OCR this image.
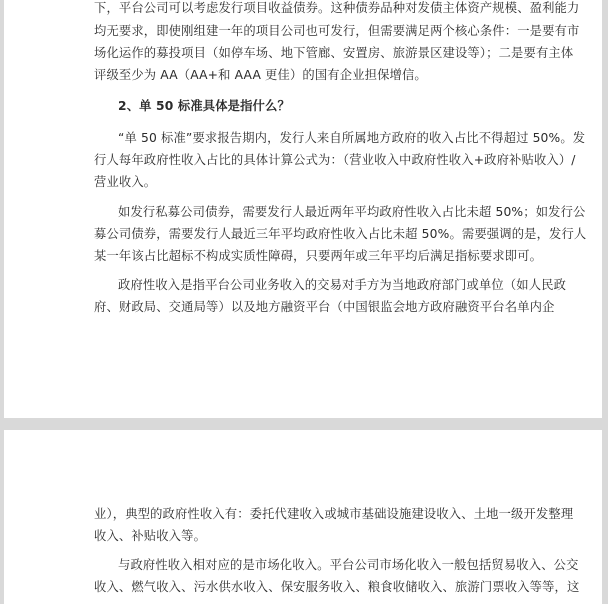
下，平台公司可以考虑发行项目收益债券。这种债券品种对发债主体资产规模、盈利能力
均无要求，即使刚组建一年的项目公司也可发行，但需要满足两个核心条件：一是要有市
场化运作的募投项目（如停车场、地下管廊、安置房、旅游景区建设等）；二是要有主体
评级至少为 AA（AA+和 AAA 更佳）的国有企业担保增信。
2、单 50 标准具体是指什么？
“单 50 标准”要求报告期内，发行人来自所属地方政府的收入占比不得超过 50%。发
行人每年政府性收入占比的具体计算公式为：（营业收入中政府性收入+政府补贴收入）/
营业收入。
如发行私募公司债券，需要发行人最近两年平均政府性收入占比未超 50%；如发行公
募公司债券，需要发行人最近三年平均政府性收入占比未超 50%。需要强调的是，发行人
某一年该占比超标不构成实质性障碍，只要两年或三年平均后满足指标要求即可。
政府性收入是指平台公司业务收入的交易对手方为当地政府部门或单位（如人民政
府、财政局、交通局等）以及地方融资平台（中国银监会地方政府融资平台名单内企
业），典型的政府性收入有：委托代建收入或城市基础设施建设收入、土地一级开发整理
收入、补贴收入等。
与政府性收入相对应的是市场化收入。平台公司市场化收入一般包括贸易收入、公交
收入、燃气收入、污水供水收入、保安服务收入、粮食收储收入、旅游门票收入等等，这
